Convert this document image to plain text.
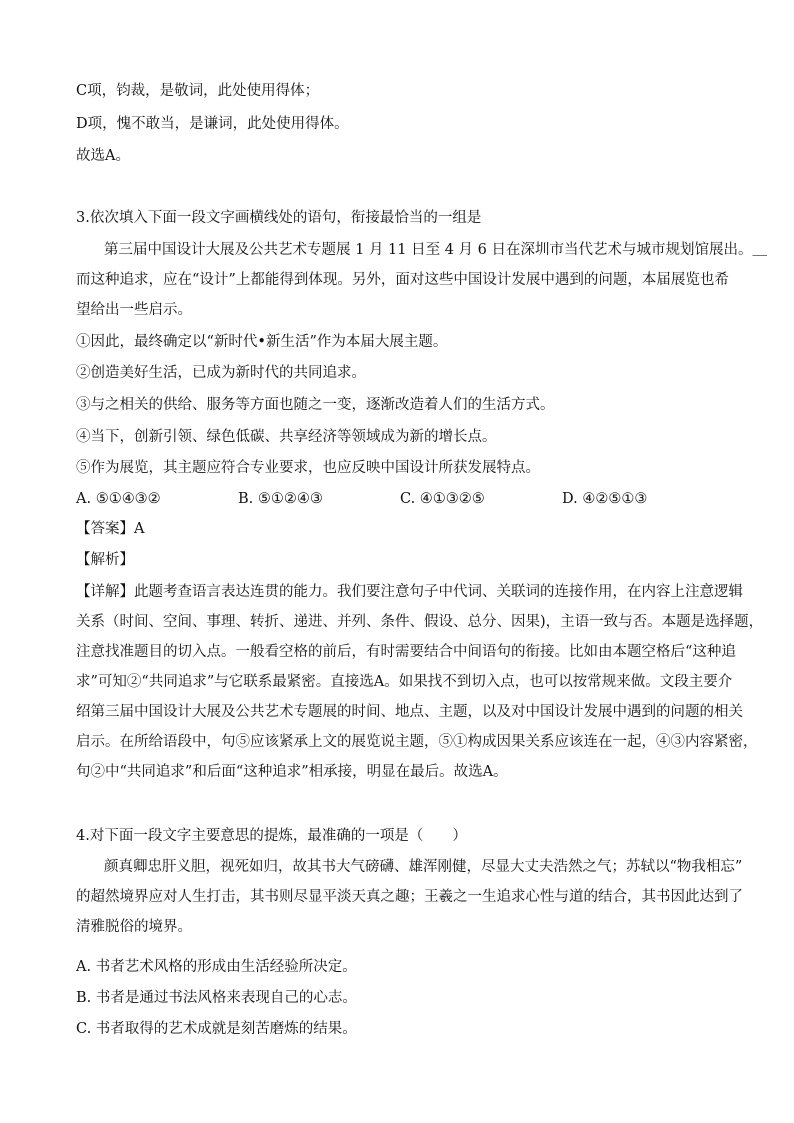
C项，钧裁，是敬词，此处使用得体；
D项，愧不敢当，是谦词，此处使用得体。
故选A。
3.依次填入下面一段文字画横线处的语句，衔接最恰当的一组是
第三届中国设计大展及公共艺术专题展 1 月 11 日至 4 月 6 日在深圳市当代艺术与城市规划馆展出。＿
而这种追求，应在“设计”上都能得到体现。另外，面对这些中国设计发展中遇到的问题，本届展览也希
望给出一些启示。
①因此，最终确定以“新时代•新生活”作为本届大展主题。
②创造美好生活，已成为新时代的共同追求。
③与之相关的供给、服务等方面也随之一变，逐渐改造着人们的生活方式。
④当下，创新引领、绿色低碳、共享经济等领域成为新的增长点。
⑤作为展览，其主题应符合专业要求，也应反映中国设计所获发展特点。
A. ⑤①④③②	B. ⑤①②④③	C. ④①③②⑤	D. ④②⑤①③
【答案】A
【解析】
【详解】此题考查语言表达连贯的能力。我们要注意句子中代词、关联词的连接作用，在内容上注意逻辑
关系（时间、空间、事理、转折、递进、并列、条件、假设、总分、因果)，主语一致与否。本题是选择题，
注意找准题目的切入点。一般看空格的前后，有时需要结合中间语句的衔接。比如由本题空格后“这种追
求”可知②“共同追求”与它联系最紧密。直接选A。如果找不到切入点，也可以按常规来做。文段主要介
绍第三届中国设计大展及公共艺术专题展的时间、地点、主题，以及对中国设计发展中遇到的问题的相关
启示。在所给语段中，句⑤应该紧承上文的展览说主题，⑤①构成因果关系应该连在一起，④③内容紧密，
句②中“共同追求”和后面“这种追求”相承接，明显在最后。故选A。
4.对下面一段文字主要意思的提炼，最准确的一项是（　　）
颜真卿忠肝义胆，视死如归，故其书大气磅礴、雄浑刚健，尽显大丈夫浩然之气；苏轼以“物我相忘”
的超然境界应对人生打击，其书则尽显平淡天真之趣；王羲之一生追求心性与道的结合，其书因此达到了
清雅脱俗的境界。
A. 书者艺术风格的形成由生活经验所决定。
B. 书者是通过书法风格来表现自己的心志。
C. 书者取得的艺术成就是刻苦磨炼的结果。
